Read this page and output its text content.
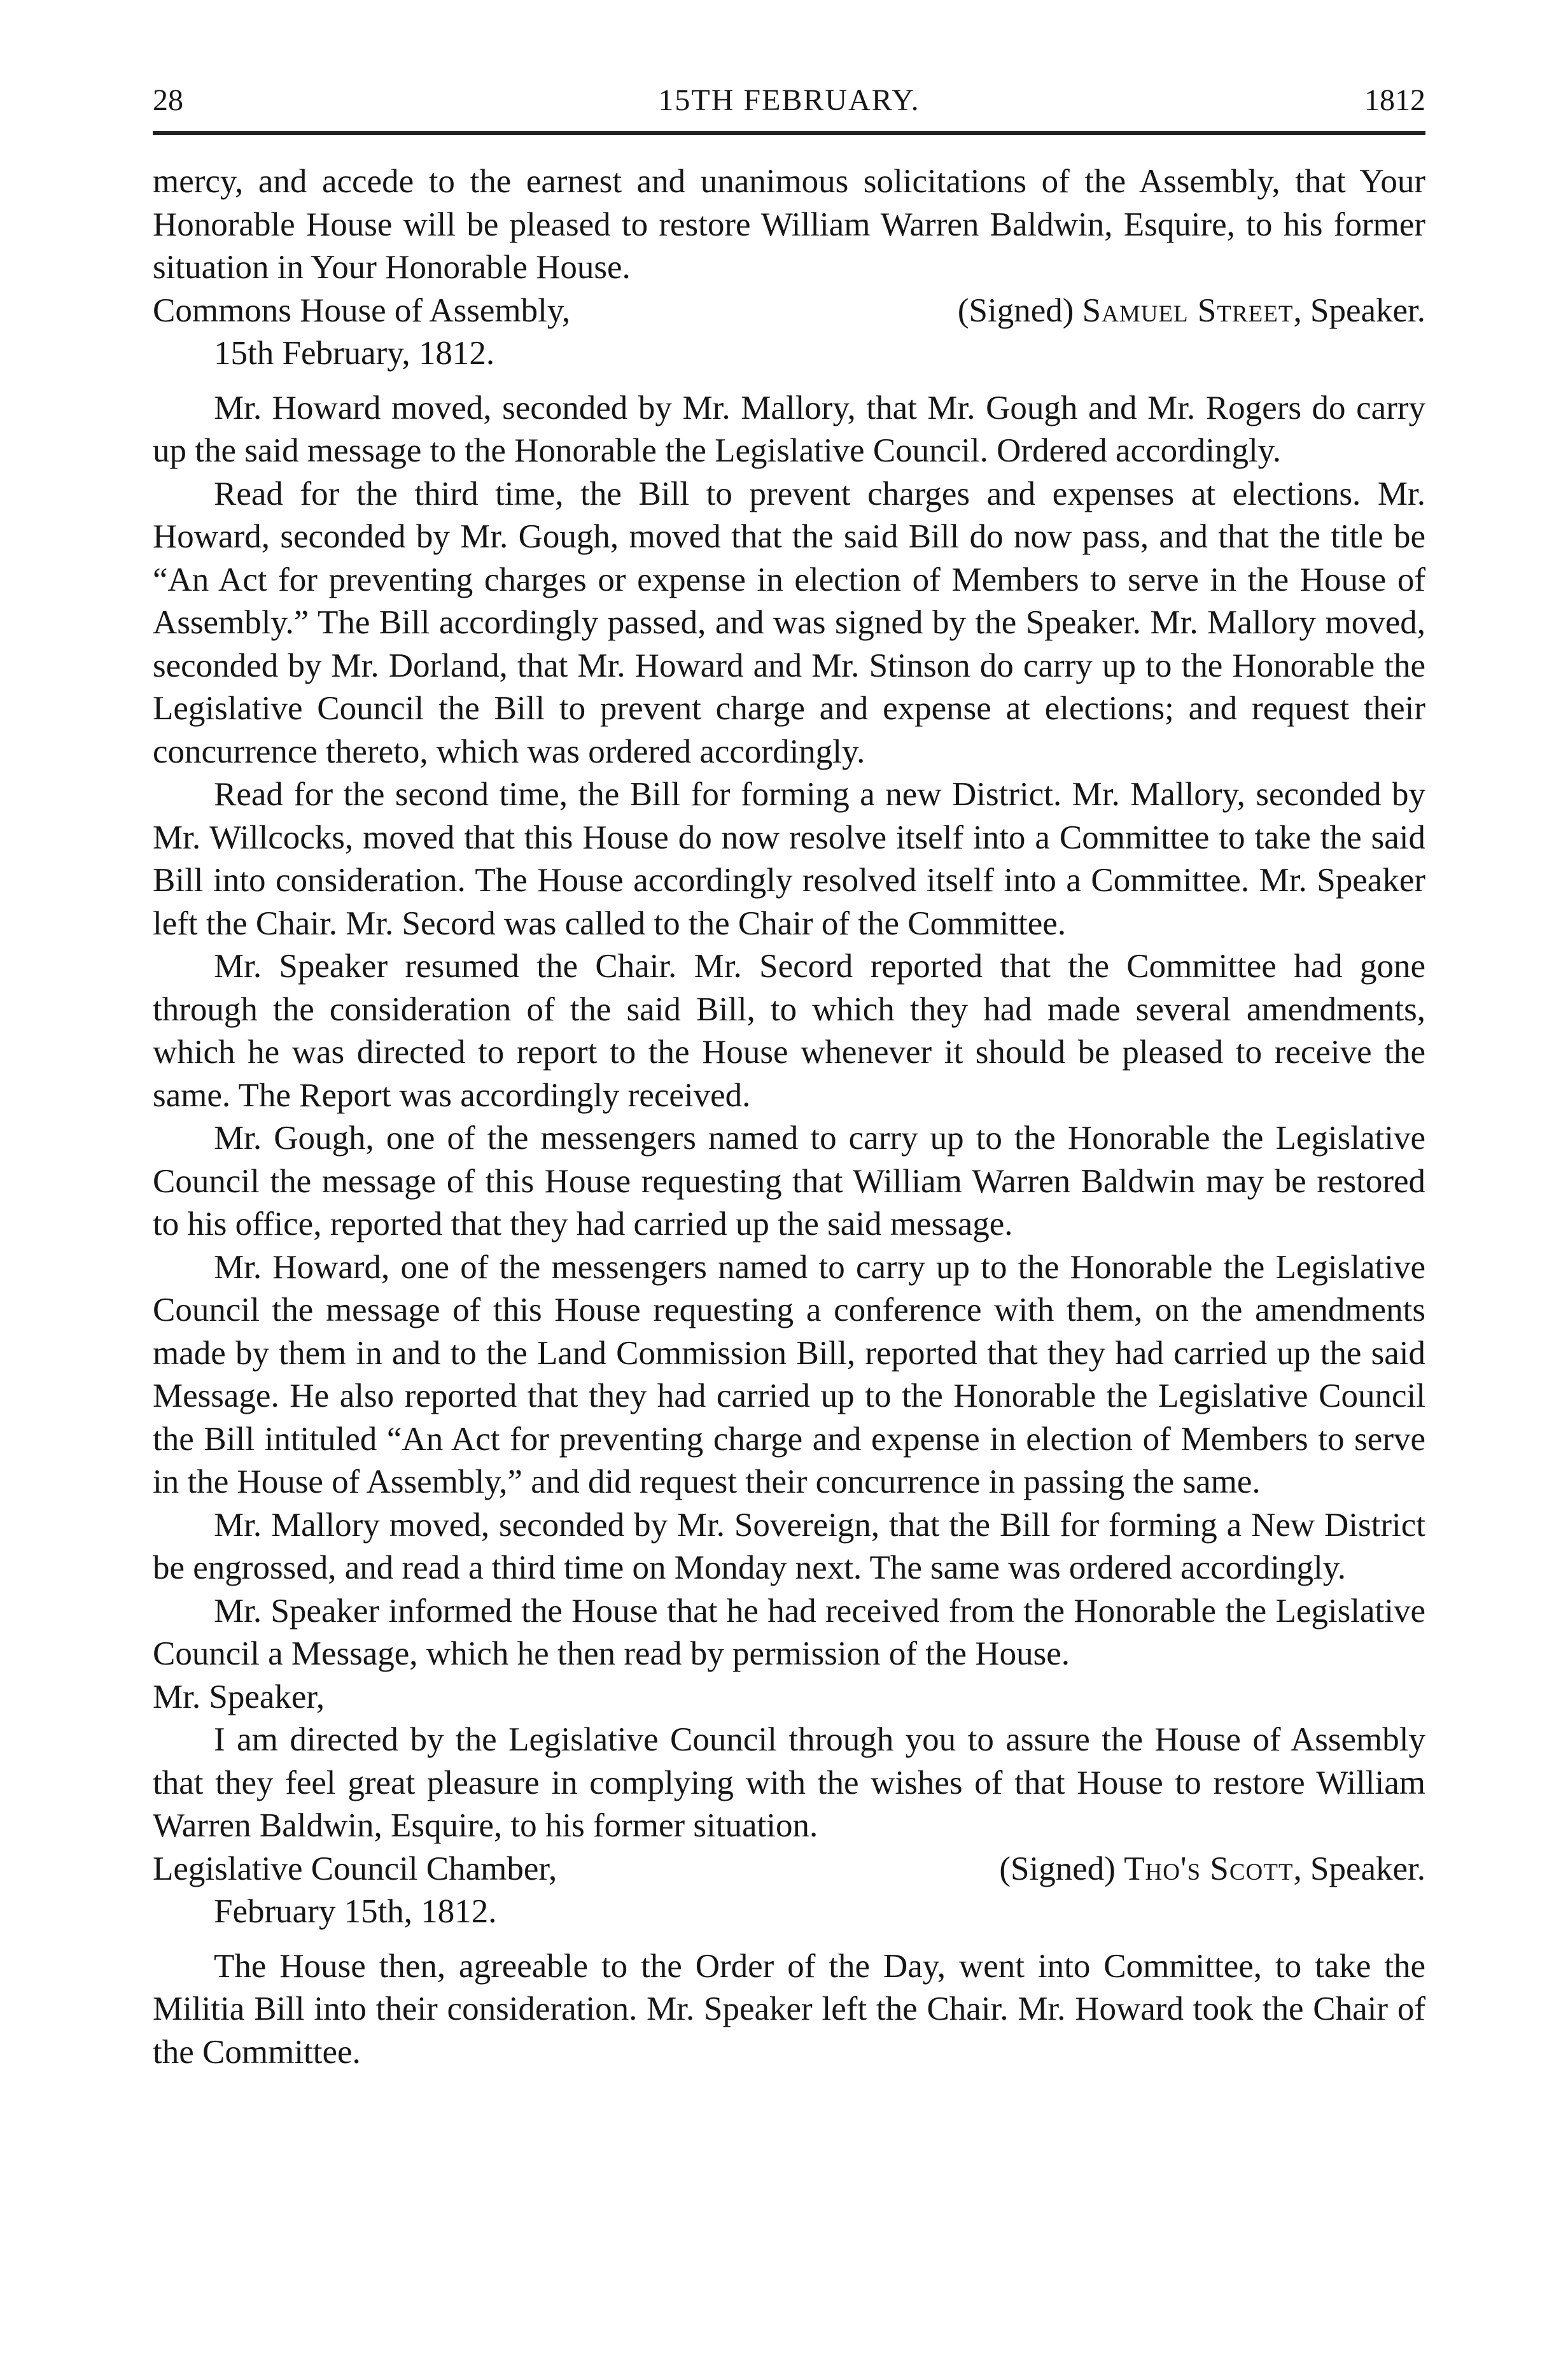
28	15TH FEBRUARY.	1812

mercy, and accede to the earnest and unanimous solicitations of the Assembly, that Your Honorable House will be pleased to restore William Warren Baldwin, Esquire, to his former situation in Your Honorable House.

Commons House of Assembly,	(Signed) Samuel Street, Speaker.

15th February, 1812.

Mr. Howard moved, seconded by Mr. Mallory, that Mr. Gough and Mr. Rogers do carry up the said message to the Honorable the Legislative Council. Ordered accordingly.

Read for the third time, the Bill to prevent charges and expenses at elections. Mr. Howard, seconded by Mr. Gough, moved that the said Bill do now pass, and that the title be “An Act for preventing charges or expense in election of Members to serve in the House of Assembly.” The Bill accordingly passed, and was signed by the Speaker. Mr. Mallory moved, seconded by Mr. Dorland, that Mr. Howard and Mr. Stinson do carry up to the Honorable the Legislative Council the Bill to prevent charge and expense at elections; and request their concurrence thereto, which was ordered accordingly.

Read for the second time, the Bill for forming a new District. Mr. Mallory, seconded by Mr. Willcocks, moved that this House do now resolve itself into a Committee to take the said Bill into consideration. The House accordingly resolved itself into a Committee. Mr. Speaker left the Chair. Mr. Secord was called to the Chair of the Committee.

Mr. Speaker resumed the Chair. Mr. Secord reported that the Committee had gone through the consideration of the said Bill, to which they had made several amendments, which he was directed to report to the House whenever it should be pleased to receive the same. The Report was accordingly received.

Mr. Gough, one of the messengers named to carry up to the Honorable the Legislative Council the message of this House requesting that William Warren Baldwin may be restored to his office, reported that they had carried up the said message.

Mr. Howard, one of the messengers named to carry up to the Honorable the Legislative Council the message of this House requesting a conference with them, on the amendments made by them in and to the Land Commission Bill, reported that they had carried up the said Message. He also reported that they had carried up to the Honorable the Legislative Council the Bill intituled “An Act for preventing charge and expense in election of Members to serve in the House of Assembly,” and did request their concurrence in passing the same.

Mr. Mallory moved, seconded by Mr. Sovereign, that the Bill for forming a New District be engrossed, and read a third time on Monday next. The same was ordered accordingly.

Mr. Speaker informed the House that he had received from the Honorable the Legislative Council a Message, which he then read by permission of the House.

Mr. Speaker,

I am directed by the Legislative Council through you to assure the House of Assembly that they feel great pleasure in complying with the wishes of that House to restore William Warren Baldwin, Esquire, to his former situation.

Legislative Council Chamber,	(Signed) Tho's Scott, Speaker.

February 15th, 1812.

The House then, agreeable to the Order of the Day, went into Committee, to take the Militia Bill into their consideration. Mr. Speaker left the Chair. Mr. Howard took the Chair of the Committee.
